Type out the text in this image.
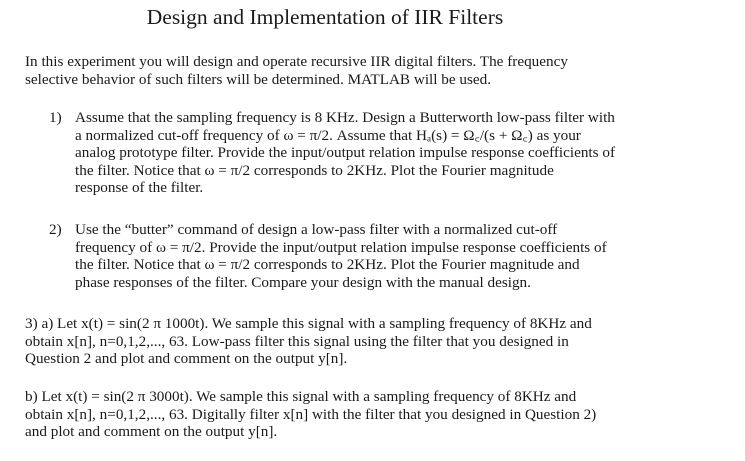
Design and Implementation of IIR Filters
In this experiment you will design and operate recursive IIR digital filters. The frequency
selective behavior of such filters will be determined. MATLAB will be used.
1) Assume that the sampling frequency is 8 KHz. Design a Butterworth low-pass filter with
a normalized cut-off frequency of ω = π/2. Assume that Hₐ(s) = Ω꜀/(s + Ω꜀) as your
analog prototype filter. Provide the input/output relation impulse response coefficients of
the filter. Notice that ω = π/2 corresponds to 2KHz. Plot the Fourier magnitude
response of the filter.
2) Use the “butter” command of design a low-pass filter with a normalized cut-off
frequency of ω = π/2. Provide the input/output relation impulse response coefficients of
the filter. Notice that ω = π/2 corresponds to 2KHz. Plot the Fourier magnitude and
phase responses of the filter. Compare your design with the manual design.
3) a) Let x(t) = sin(2 π 1000t). We sample this signal with a sampling frequency of 8KHz and
obtain x[n], n=0,1,2,..., 63. Low-pass filter this signal using the filter that you designed in
Question 2 and plot and comment on the output y[n].
b) Let x(t) = sin(2 π 3000t). We sample this signal with a sampling frequency of 8KHz and
obtain x[n], n=0,1,2,..., 63. Digitally filter x[n] with the filter that you designed in Question 2)
and plot and comment on the output y[n].
